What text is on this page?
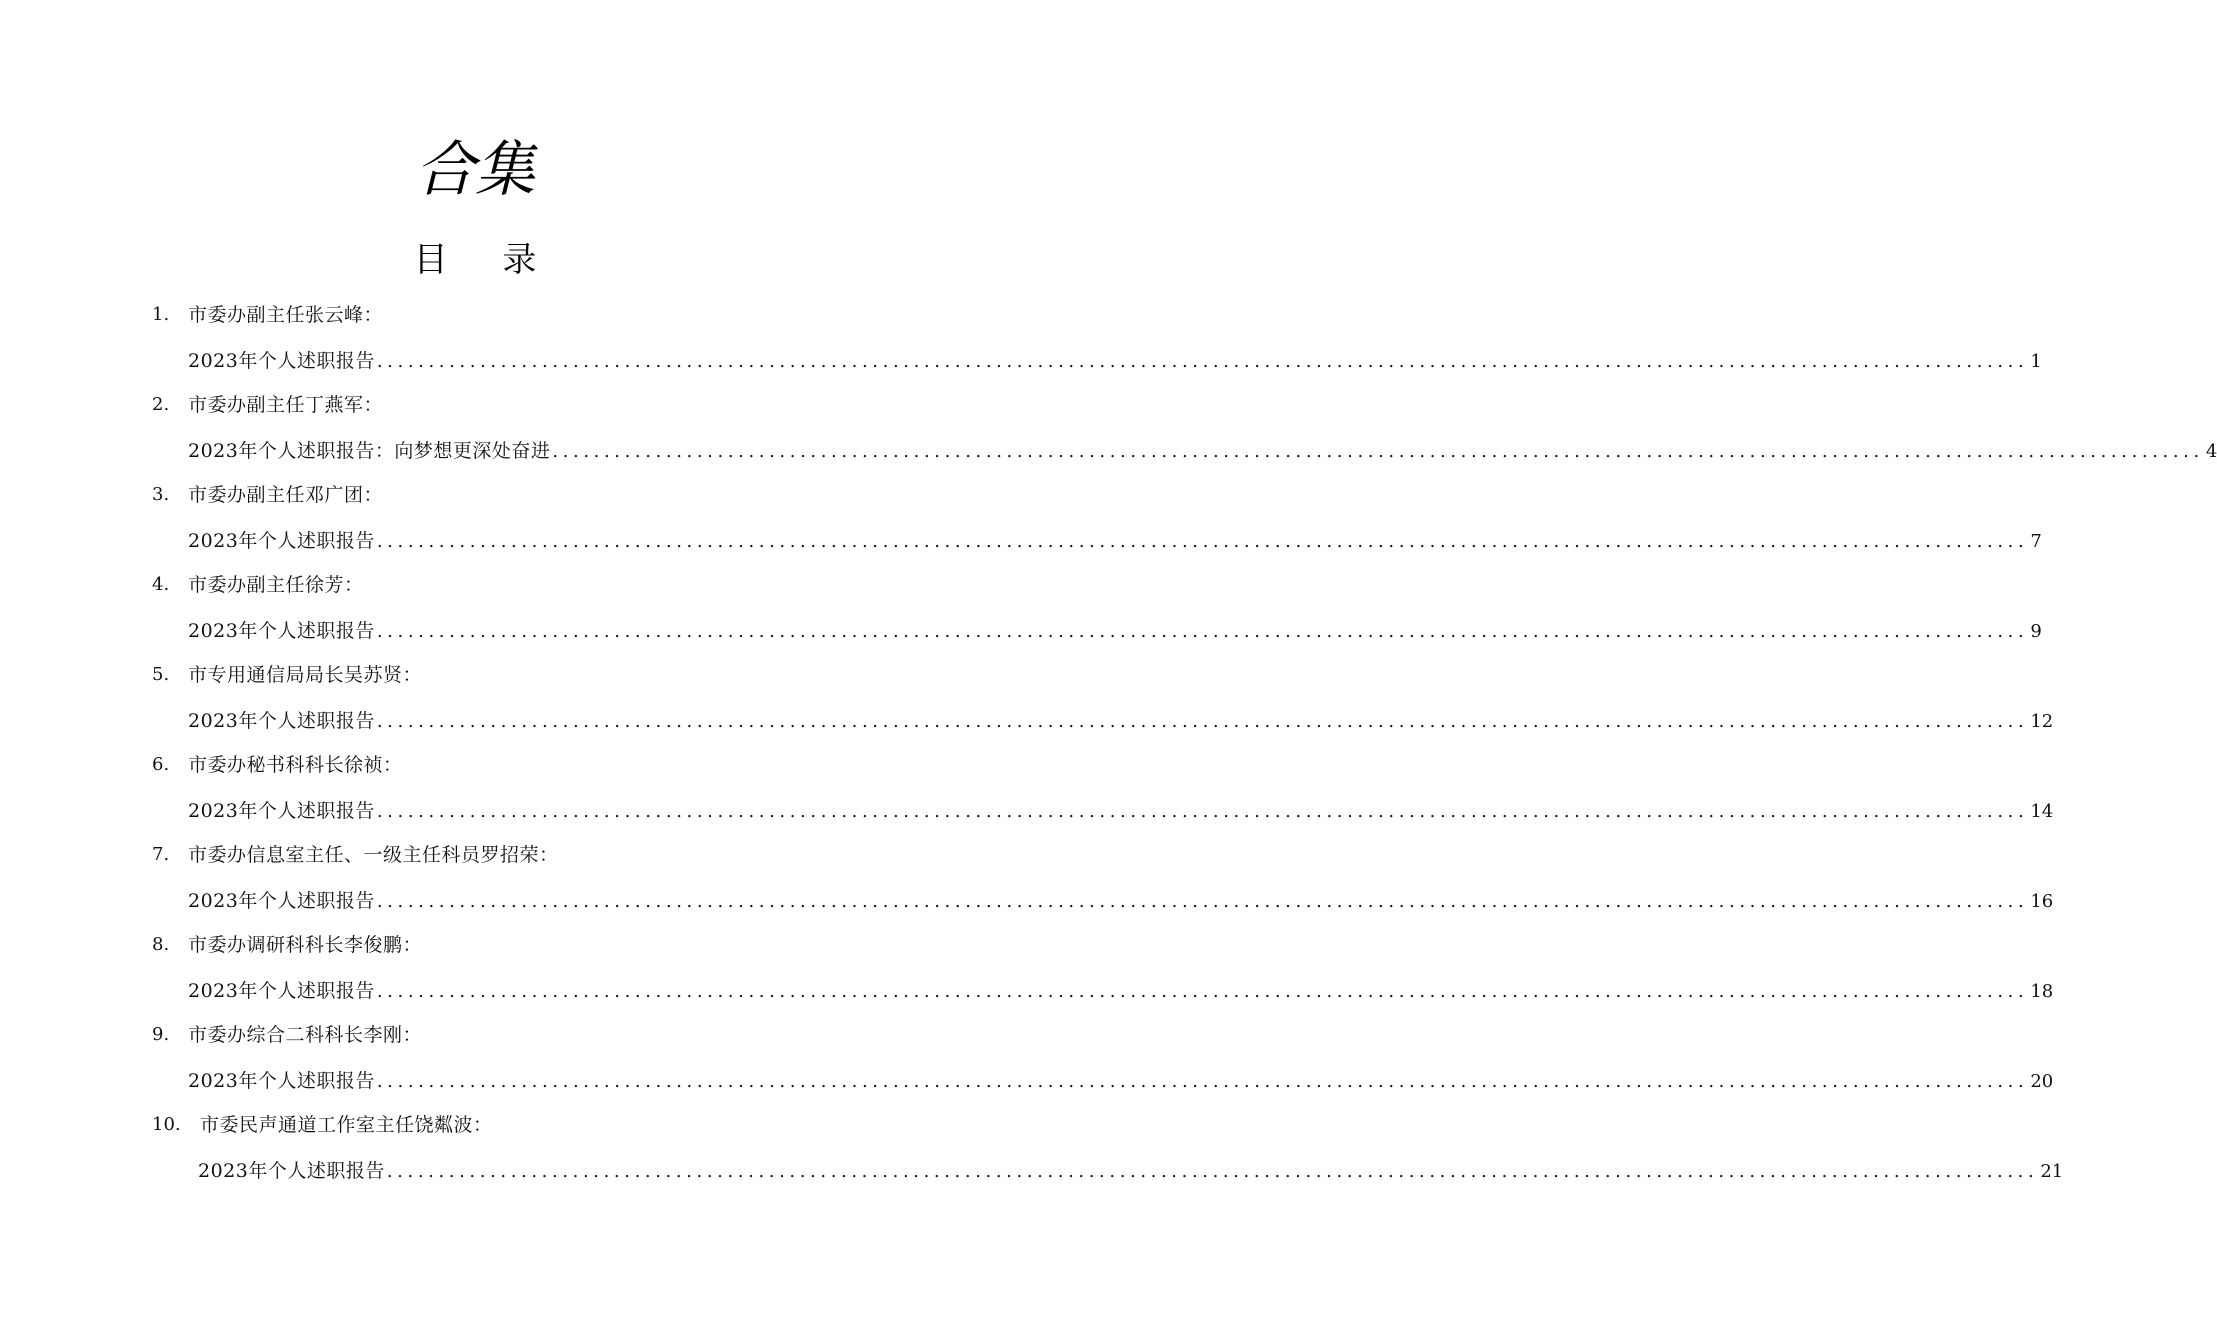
合集
目 录
1. 市委办副主任张云峰：
2023年个人述职报告 ................................................................................................................................................................ 1
2. 市委办副主任丁燕军：
2023年个人述职报告：向梦想更深处奋进 ................................................................................................................................................................ 4
3. 市委办副主任邓广团：
2023年个人述职报告 ................................................................................................................................................................ 7
4. 市委办副主任徐芳：
2023年个人述职报告 ................................................................................................................................................................ 9
5. 市专用通信局局长吴苏贤：
2023年个人述职报告 ................................................................................................................................................................ 12
6. 市委办秘书科科长徐祯：
2023年个人述职报告 ................................................................................................................................................................ 14
7. 市委办信息室主任、一级主任科员罗招荣：
2023年个人述职报告 ................................................................................................................................................................ 16
8. 市委办调研科科长李俊鹏：
2023年个人述职报告 ................................................................................................................................................................ 18
9. 市委办综合二科科长李刚：
2023年个人述职报告 ................................................................................................................................................................ 20
10. 市委民声通道工作室主任饶粼波：
2023年个人述职报告 ................................................................................................................................................................ 21
